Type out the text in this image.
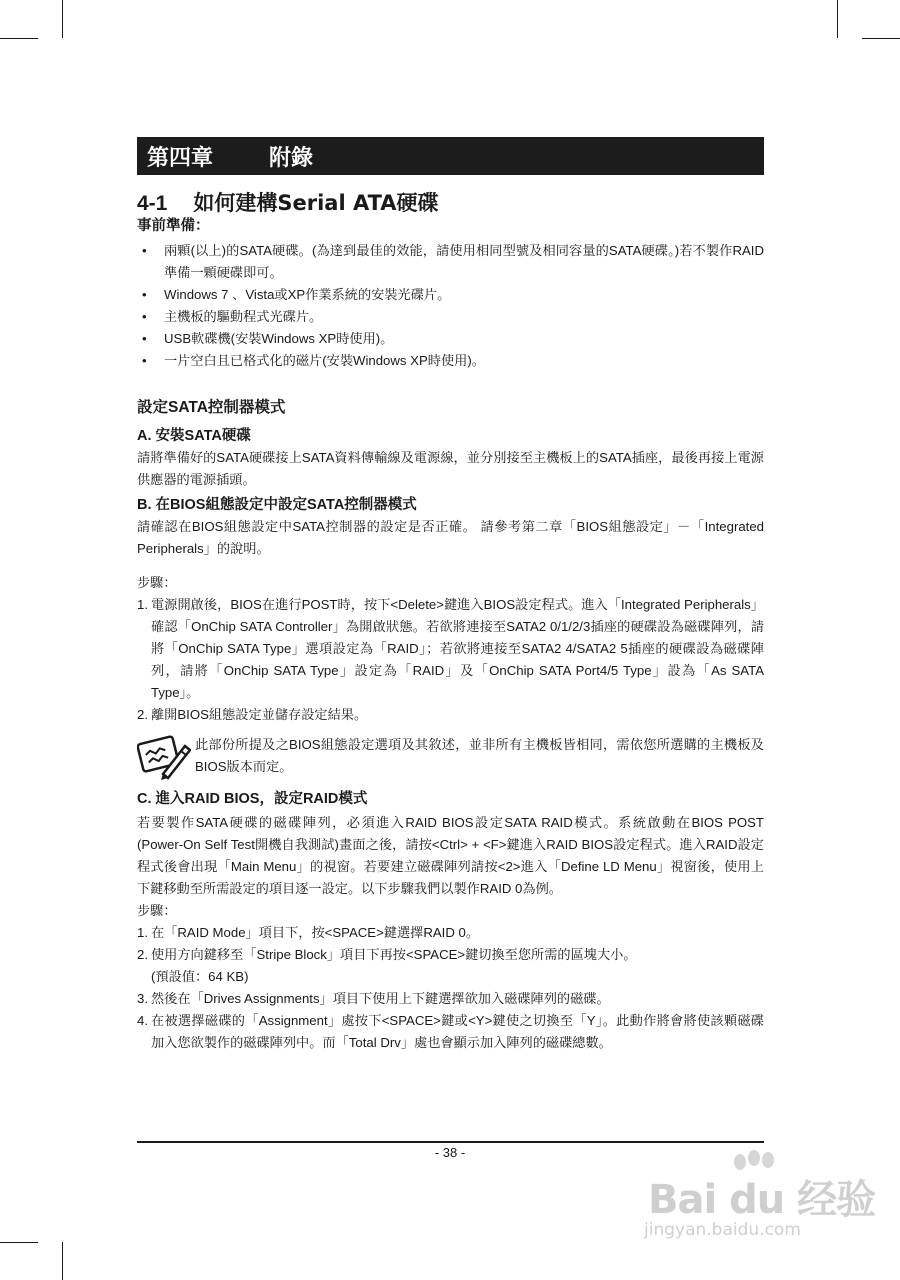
第四章	附錄
4-1 如何建構Serial ATA硬碟
事前準備：
• 兩顆(以上)的SATA硬碟。(為達到最佳的效能，請使用相同型號及相同容量的SATA硬碟。)若不製作RAID準備一顆硬碟即可。
• Windows 7 、Vista或XP作業系統的安裝光碟片。
• 主機板的驅動程式光碟片。
• USB軟碟機(安裝Windows XP時使用)。
• 一片空白且已格式化的磁片(安裝Windows XP時使用)。
設定SATA控制器模式
A. 安裝SATA硬碟
請將準備好的SATA硬碟接上SATA資料傳輸線及電源線，並分別接至主機板上的SATA插座，最後再接上電源供應器的電源插頭。
B. 在BIOS組態設定中設定SATA控制器模式
請確認在BIOS組態設定中SATA控制器的設定是否正確。 請參考第二章「BIOS組態設定」－「Integrated Peripherals」的說明。
步驟：
1. 電源開啟後，BIOS在進行POST時，按下<Delete>鍵進入BIOS設定程式。進入「Integrated Peripherals」確認「OnChip SATA Controller」為開啟狀態。若欲將連接至SATA2 0/1/2/3插座的硬碟設為磁碟陣列，請將「OnChip SATA Type」選項設定為「RAID」；若欲將連接至SATA2 4/SATA2 5插座的硬碟設為磁碟陣列，請將「OnChip SATA Type」設定為「RAID」及「OnChip SATA Port4/5 Type」設為「As SATA Type」。
2. 離開BIOS組態設定並儲存設定結果。
此部份所提及之BIOS組態設定選項及其敘述，並非所有主機板皆相同，需依您所選購的主機板及BIOS版本而定。
C. 進入RAID BIOS，設定RAID模式
若要製作SATA硬碟的磁碟陣列，必須進入RAID BIOS設定SATA RAID模式。系統啟動在BIOS POST (Power-On Self Test開機自我測試)畫面之後，請按<Ctrl> + <F>鍵進入RAID BIOS設定程式。進入RAID設定程式後會出現「Main Menu」的視窗。若要建立磁碟陣列請按<2>進入「Define LD Menu」視窗後，使用上下鍵移動至所需設定的項目逐一設定。以下步驟我們以製作RAID 0為例。
步驟：
1. 在「RAID Mode」項目下，按<SPACE>鍵選擇RAID 0。
2. 使用方向鍵移至「Stripe Block」項目下再按<SPACE>鍵切換至您所需的區塊大小。
(預設值：64 KB)
3. 然後在「Drives Assignments」項目下使用上下鍵選擇欲加入磁碟陣列的磁碟。
4. 在被選擇磁碟的「Assignment」處按下<SPACE>鍵或<Y>鍵使之切換至「Y」。此動作將會將使該顆磁碟加入您欲製作的磁碟陣列中。而「Total Drv」處也會顯示加入陣列的磁碟總數。
- 38 -
Bai du 经验
jingyan.baidu.com
